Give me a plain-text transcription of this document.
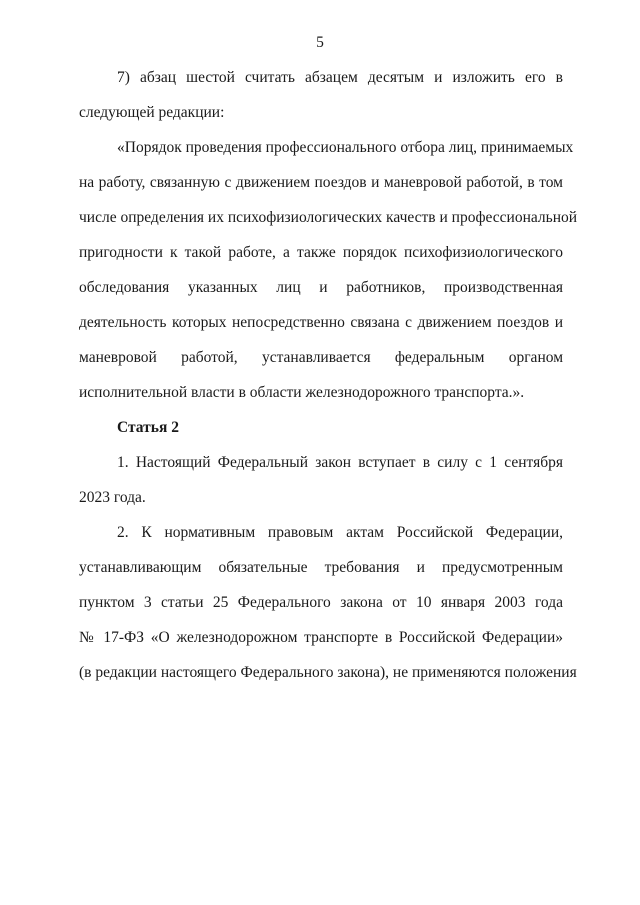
5
7) абзац шестой считать абзацем десятым и изложить его в
следующей редакции:
«Порядок проведения профессионального отбора лиц, принимаемых
на работу, связанную с движением поездов и маневровой работой, в том
числе определения их психофизиологических качеств и профессиональной
пригодности к такой работе, а также порядок психофизиологического
обследования указанных лиц и работников, производственная
деятельность которых непосредственно связана с движением поездов и
маневровой работой, устанавливается федеральным органом
исполнительной власти в области железнодорожного транспорта.».
Статья 2
1. Настоящий Федеральный закон вступает в силу с 1 сентября
2023 года.
2. К нормативным правовым актам Российской Федерации,
устанавливающим обязательные требования и предусмотренным
пунктом 3 статьи 25 Федерального закона от 10 января 2003 года
№ 17-ФЗ «О железнодорожном транспорте в Российской Федерации»
(в редакции настоящего Федерального закона), не применяются положения
